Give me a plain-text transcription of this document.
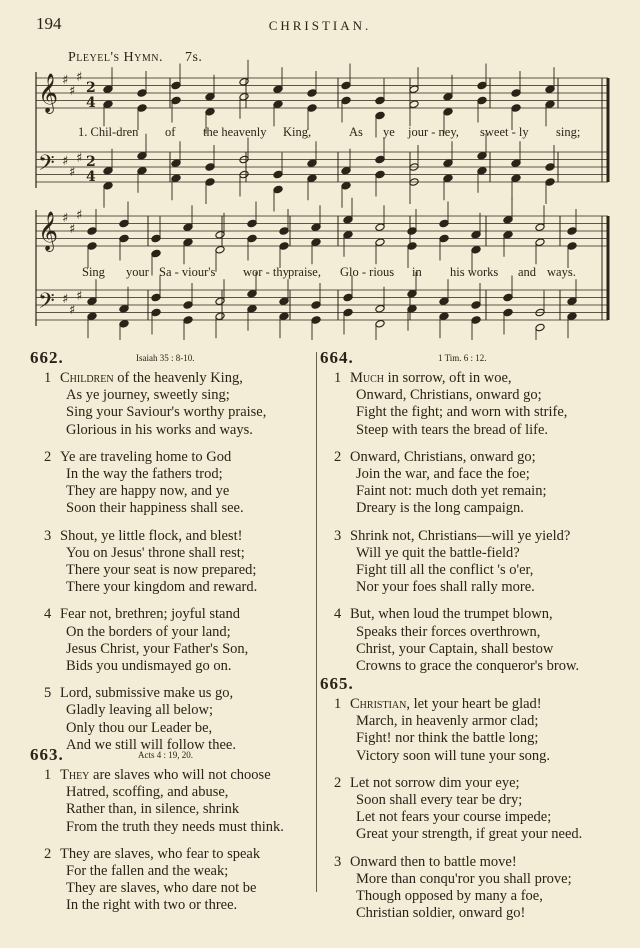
194	CHRISTIAN.
Pleyel's Hymn. 7s.
𝄞 ♯
♯
♯
2
4
𝄢 ♯
♯
♯ 2
4
𝄞 ♯
♯
♯
𝄢 ♯
♯
♯
1. Chil-dren of the heavenly King,	As ye jour - ney, sweet - ly sing;
Sing your Sa - viour's wor - thy praise, Glo - rious in his works and ways.
662.	Isaiah 35 : 8-10.
1 Children of the heavenly King,
As ye journey, sweetly sing;
Sing your Saviour's worthy praise,
Glorious in his works and ways.
2 Ye are traveling home to God
In the way the fathers trod;
They are happy now, and ye
Soon their happiness shall see.
3 Shout, ye little flock, and blest!
You on Jesus' throne shall rest;
There your seat is now prepared;
There your kingdom and reward.
4 Fear not, brethren; joyful stand
On the borders of your land;
Jesus Christ, your Father's Son,
Bids you undismayed go on.
5 Lord, submissive make us go,
Gladly leaving all below;
Only thou our Leader be,
And we still will follow thee.
663.	Acts 4 : 19, 20.
1 They are slaves who will not choose
Hatred, scoffing, and abuse,
Rather than, in silence, shrink
From the truth they needs must think.
2 They are slaves, who fear to speak
For the fallen and the weak;
They are slaves, who dare not be
In the right with two or three.
664.	1 Tim. 6 : 12.
1 Much in sorrow, oft in woe,
Onward, Christians, onward go;
Fight the fight; and worn with strife,
Steep with tears the bread of life.
2 Onward, Christians, onward go;
Join the war, and face the foe;
Faint not: much doth yet remain;
Dreary is the long campaign.
3 Shrink not, Christians—will ye yield?
Will ye quit the battle-field?
Fight till all the conflict 's o'er,
Nor your foes shall rally more.
4 But, when loud the trumpet blown,
Speaks their forces overthrown,
Christ, your Captain, shall bestow
Crowns to grace the conqueror's brow.
665.
1 Christian, let your heart be glad!
March, in heavenly armor clad;
Fight! nor think the battle long;
Victory soon will tune your song.
2 Let not sorrow dim your eye;
Soon shall every tear be dry;
Let not fears your course impede;
Great your strength, if great your need.
3 Onward then to battle move!
More than conqu'ror you shall prove;
Though opposed by many a foe,
Christian soldier, onward go!
